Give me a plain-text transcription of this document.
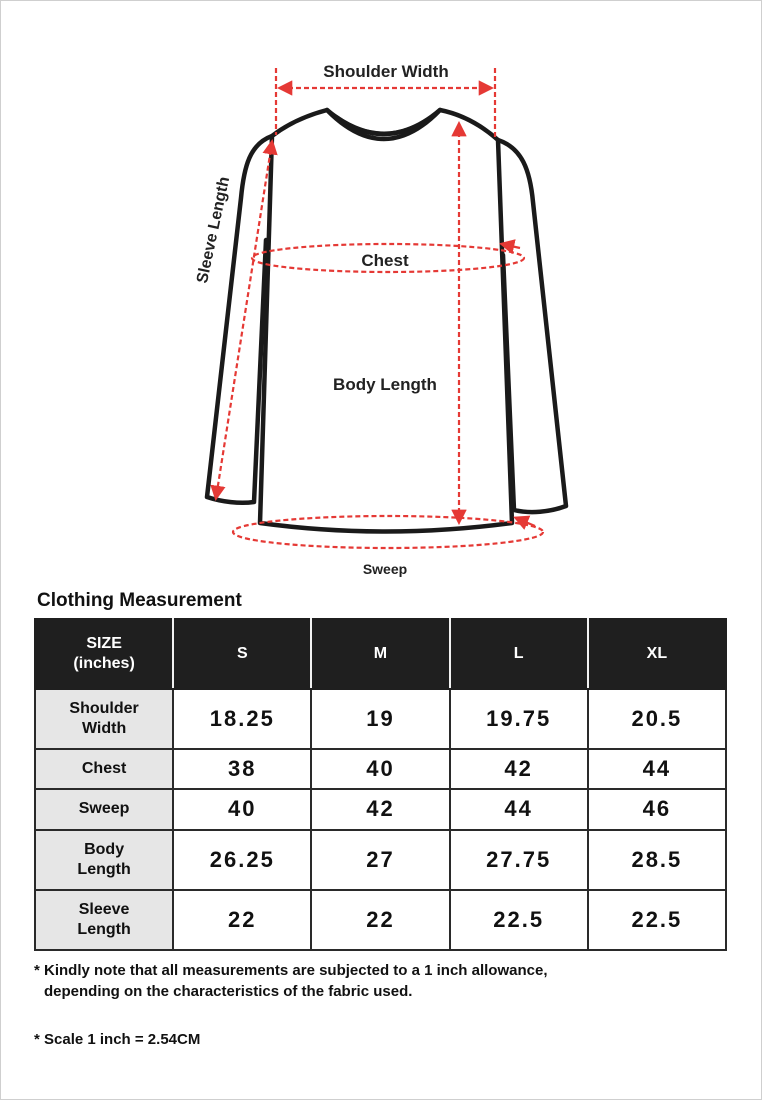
Shoulder Width
Sleeve Length	Chest
Body Length
Sweep
Clothing Measurement
SIZE
(inches)	S	M	L	XL
Shoulder
Width	18.25	19	19.75	20.5
Chest	38	40	42	44
Sweep	40	42	44	46
Body
Length	26.25	27	27.75	28.5
Sleeve
Length	22	22	22.5	22.5
* Kindly note that all measurements are subjected to a 1 inch allowance,
depending on the characteristics of the fabric used.
* Scale 1 inch = 2.54CM
